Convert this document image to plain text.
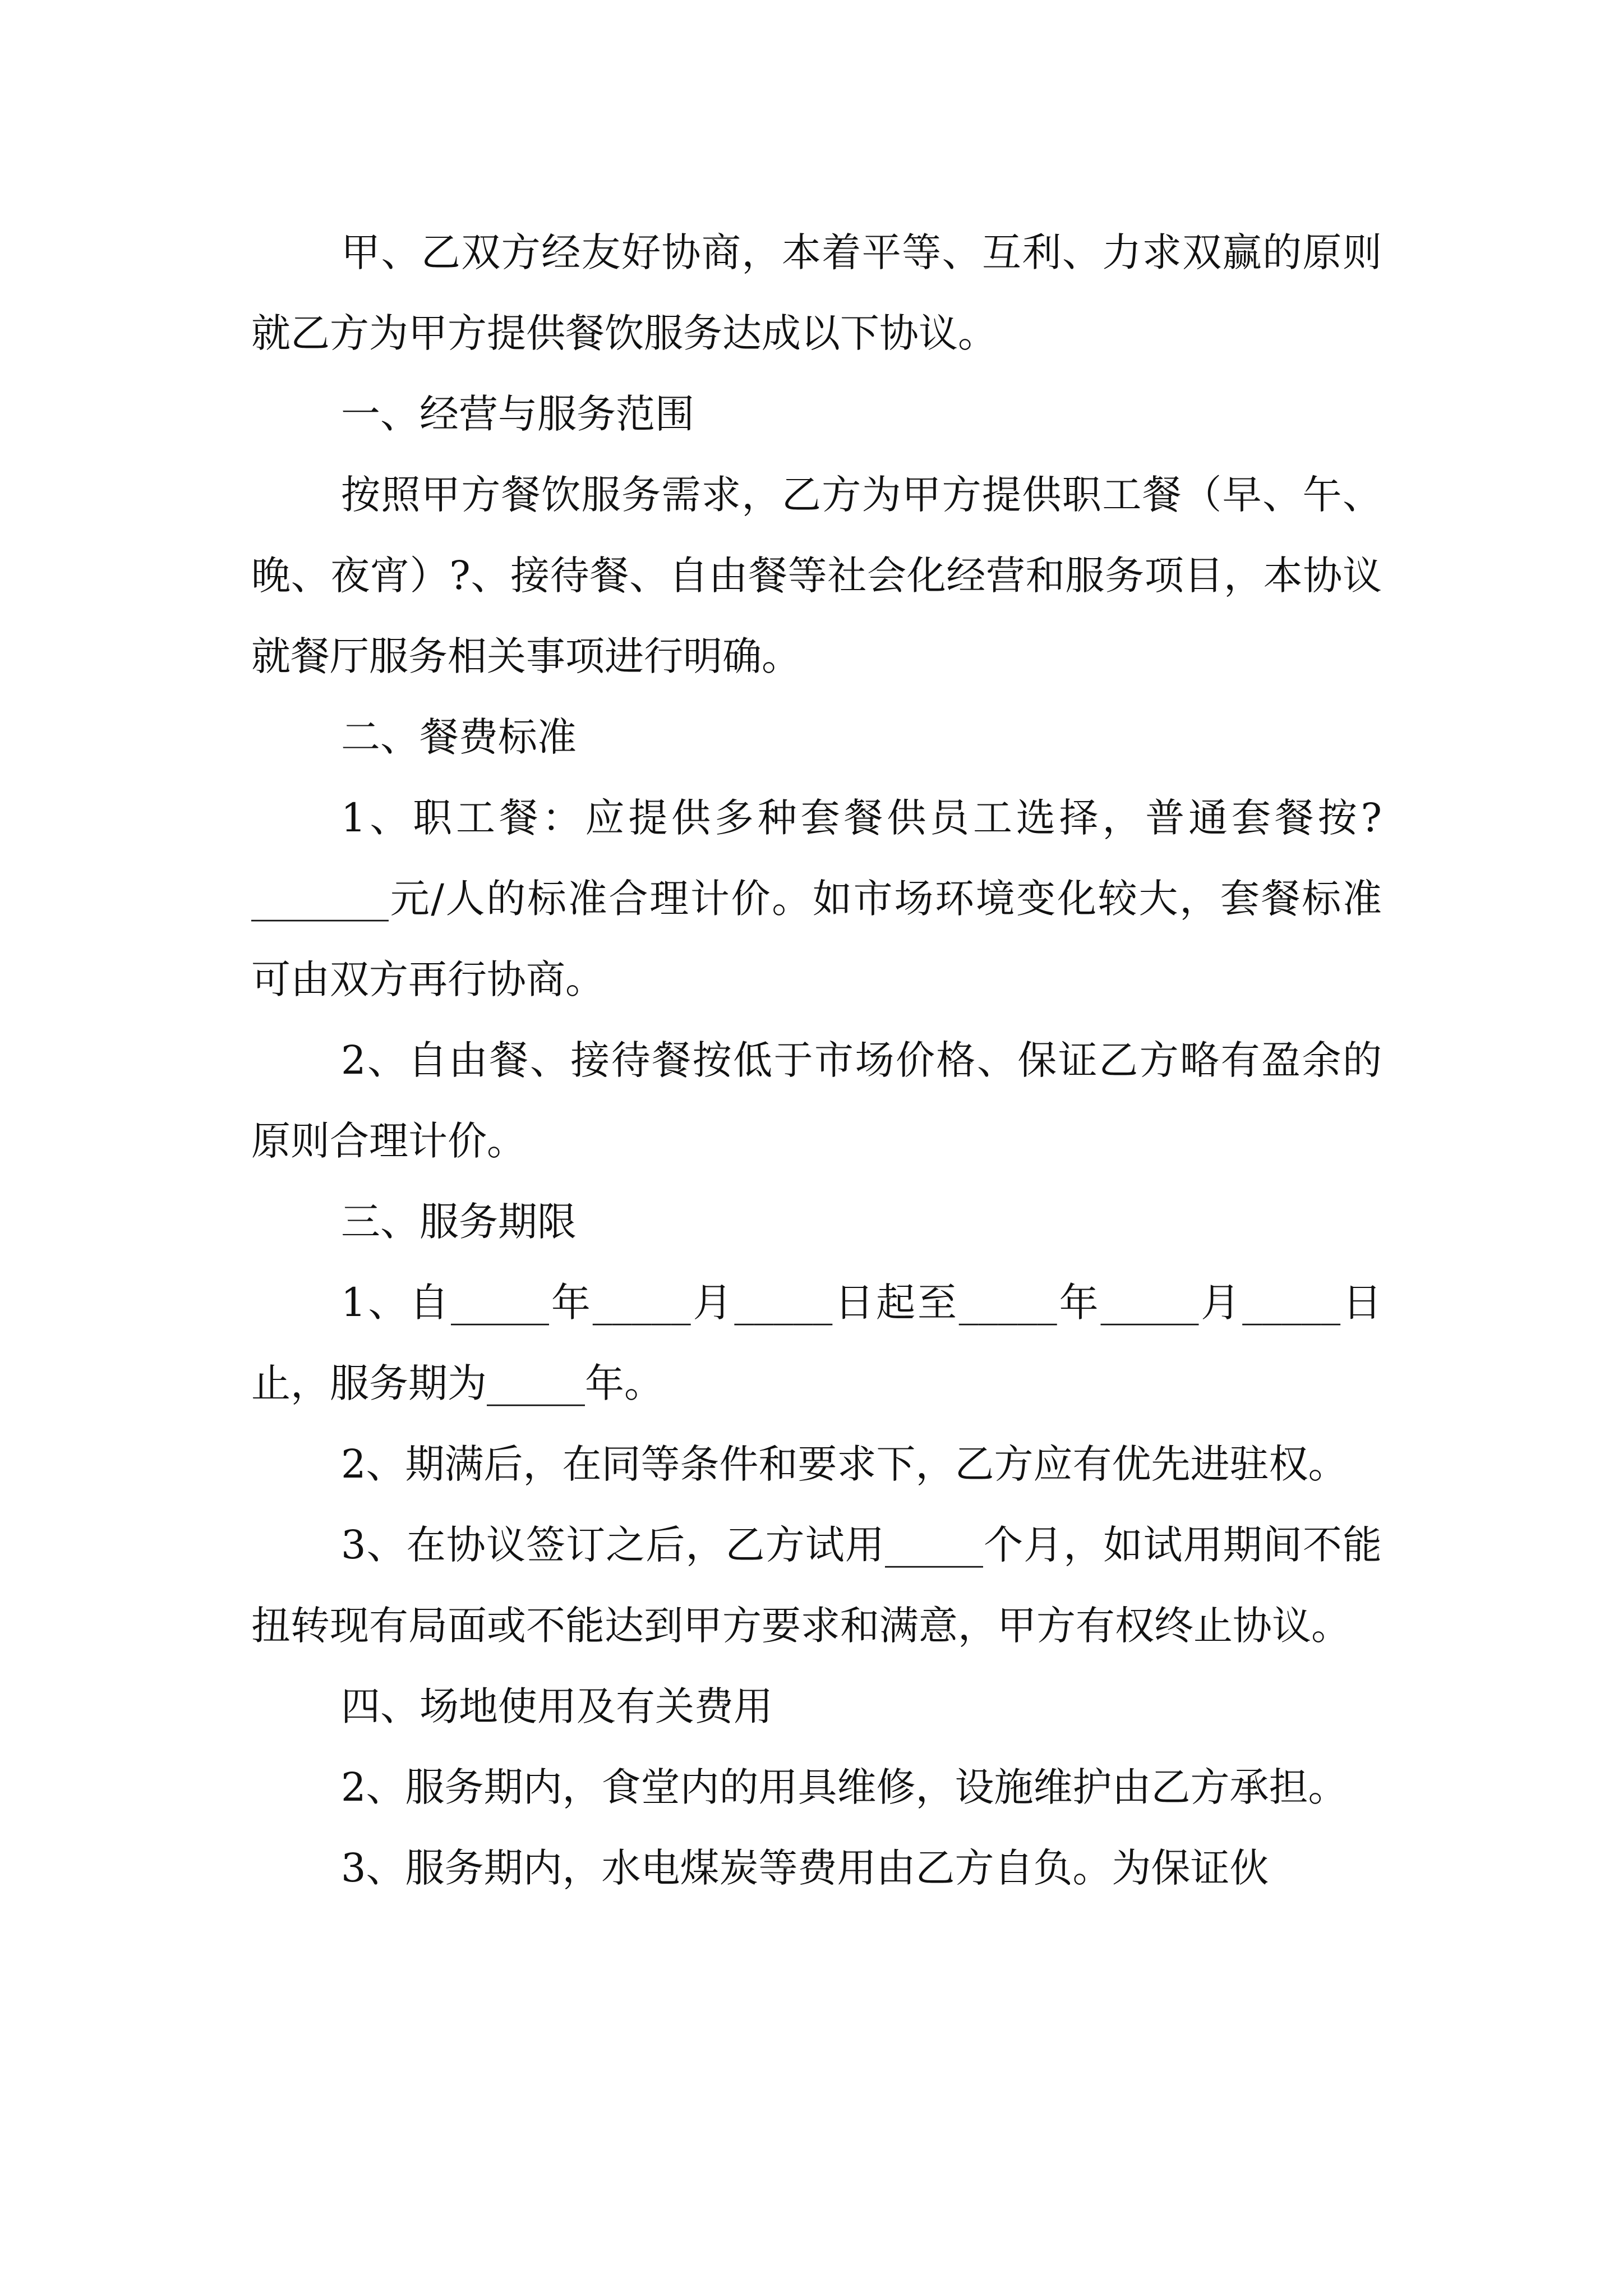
甲、乙双方经友好协商，本着平等、互利、力求双赢的原则就乙方为甲方提供餐饮服务达成以下协议。

一、经营与服务范围

按照甲方餐饮服务需求，乙方为甲方提供职工餐（早、午、晚、夜宵）?、接待餐、自由餐等社会化经营和服务项目，本协议就餐厅服务相关事项进行明确。

二、餐费标准

1、职工餐：应提供多种套餐供员工选择，普通套餐按?_______元/人的标准合理计价。如市场环境变化较大，套餐标准可由双方再行协商。

2、自由餐、接待餐按低于市场价格、保证乙方略有盈余的原则合理计价。

三、服务期限

1、自_____年_____月_____日起至_____年_____月_____日止，服务期为_____年。

2、期满后，在同等条件和要求下，乙方应有优先进驻权。

3、在协议签订之后，乙方试用_____个月，如试用期间不能扭转现有局面或不能达到甲方要求和满意，甲方有权终止协议。

四、场地使用及有关费用

2、服务期内，食堂内的用具维修，设施维护由乙方承担。

3、服务期内，水电煤炭等费用由乙方自负。为保证伙
